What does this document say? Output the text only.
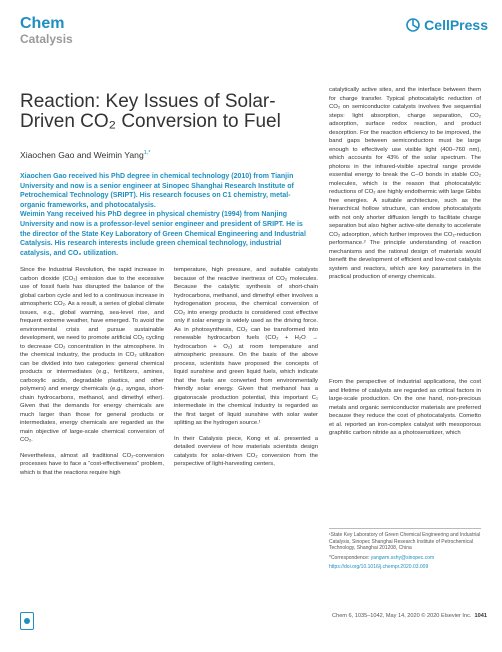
Chem
Catalysis
CellPress
Reaction: Key Issues of Solar-Driven CO₂ Conversion to Fuel
Xiaochen Gao and Weimin Yang$^{1,*}$

Xiaochen Gao received his PhD degree in chemical technology (2010) from Tianjin University and now is a senior engineer at Sinopec Shanghai Research Institute of Petrochemical Technology (SRIPT). His research focuses on C1 chemistry, metal-organic frameworks, and photocatalysis.

Weimin Yang received his PhD degree in physical chemistry (1994) from Nanjing University and now is a professor-level senior engineer and president of SRIPT. He is the director of the State Key Laboratory of Green Chemical Engineering and Industrial Catalysis. His research interests include green chemical technology, industrial catalysis, and CO₂ utilization.

Since the Industrial Revolution, the rapid increase in carbon dioxide (CO₂) emission due to the excessive use of fossil fuels has disrupted the balance of the global carbon cycle and led to a continuous increase in atmospheric CO₂. As a result, a series of global climate issues, e.g., global warming, sea-level rise, and frequent extreme weather, have emerged. To avoid the environmental crisis and pursue sustainable development, we need to promote artificial CO₂ cycling to decrease CO₂ concentration in the atmosphere. In the chemical industry, the products in CO₂ utilization can be divided into two categories: general chemical products or intermediates (e.g., fertilizers, amines, carboxylic acids, degradable plastics, and other polymers) and energy chemicals (e.g., syngas, short-chain hydrocarbons, methanol, and dimethyl ether). Given that the demands for energy chemicals are much larger than those for general products or intermediates, energy chemicals are regarded as the main objective of large-scale chemical conversion of CO₂.

Nevertheless, almost all traditional CO₂-conversion processes have to face a “cost-effectiveness” problem, which is that the reactions require high

temperature, high pressure, and suitable catalysts because of the reactive inertness of CO₂ molecules. Because the catalytic synthesis of short-chain hydrocarbons, methanol, and dimethyl ether involves a hydrogenation process, the chemical conversion of CO₂ into energy products is considered cost effective only if solar energy is widely used as the driving force. As in photosynthesis, CO₂ can be transformed into renewable hydrocarbon fuels (CO₂ + H₂O → hydrocarbon + O₂) at room temperature and atmospheric pressure. On the basis of the above process, scientists have proposed the concepts of liquid sunshine and green liquid fuels, which indicate that the fuels are converted from environmentally friendly solar energy. Given that methanol has a gigatonscale production potential, this important C₁ intermediate in the chemical industry is regarded as the first target of liquid sunshine with solar water splitting as the hydrogen source.¹

In their Catalysis piece, Kong et al. presented a detailed overview of how materials scientists design catalysts for solar-driven CO₂ conversion from the perspective of light-harvesting centers,

catalytically active sites, and the interface between them for charge transfer. Typical photocatalytic reduction of CO₂ on semiconductor catalysts involves five sequential steps: light absorption, charge separation, CO₂ adsorption, surface redox reaction, and product desorption. For the reaction efficiency to be improved, the band gaps between semiconductors must be large enough to effectively use visible light (400–760 nm), which accounts for 43% of the solar spectrum. The photons in the infrared-visible spectral range provide essential energy to break the C–O bonds in stable CO₂ molecules, which is the reason that photocatalytic reductions of CO₂ are highly endothermic with large Gibbs free energies. A suitable architecture, such as the hierarchical hollow structure, can endow photocatalysts with not only shorter diffusion length to facilitate charge separation but also higher active-site density to accelerate CO₂ adsorption, which further improves the CO₂-reduction performance.² The principle understanding of reaction mechanisms and the rational design of materials would benefit the development of efficient and low-cost catalysis system and reactors, which are key parameters in the practical production of energy chemicals.

From the perspective of industrial applications, the cost and lifetime of catalysts are regarded as critical factors in large-scale production. On the one hand, non-precious metals and organic semiconductor materials are preferred because they reduce the cost of photocatalysts. Cometto et al. reported an iron-complex catalyst with mesoporous graphitic carbon nitride as a photosensitizer, which

¹State Key Laboratory of Green Chemical Engineering and Industrial Catalysis, Sinopec Shanghai Research Institute of Petrochemical Technology, Shanghai 201208, China

*Correspondence: yangwm.sshy@sinopec.com

https://doi.org/10.1016/j.chempr.2020.03.009

Chem 6, 1035–1042, May 14, 2020 © 2020 Elsevier Inc. 1041
